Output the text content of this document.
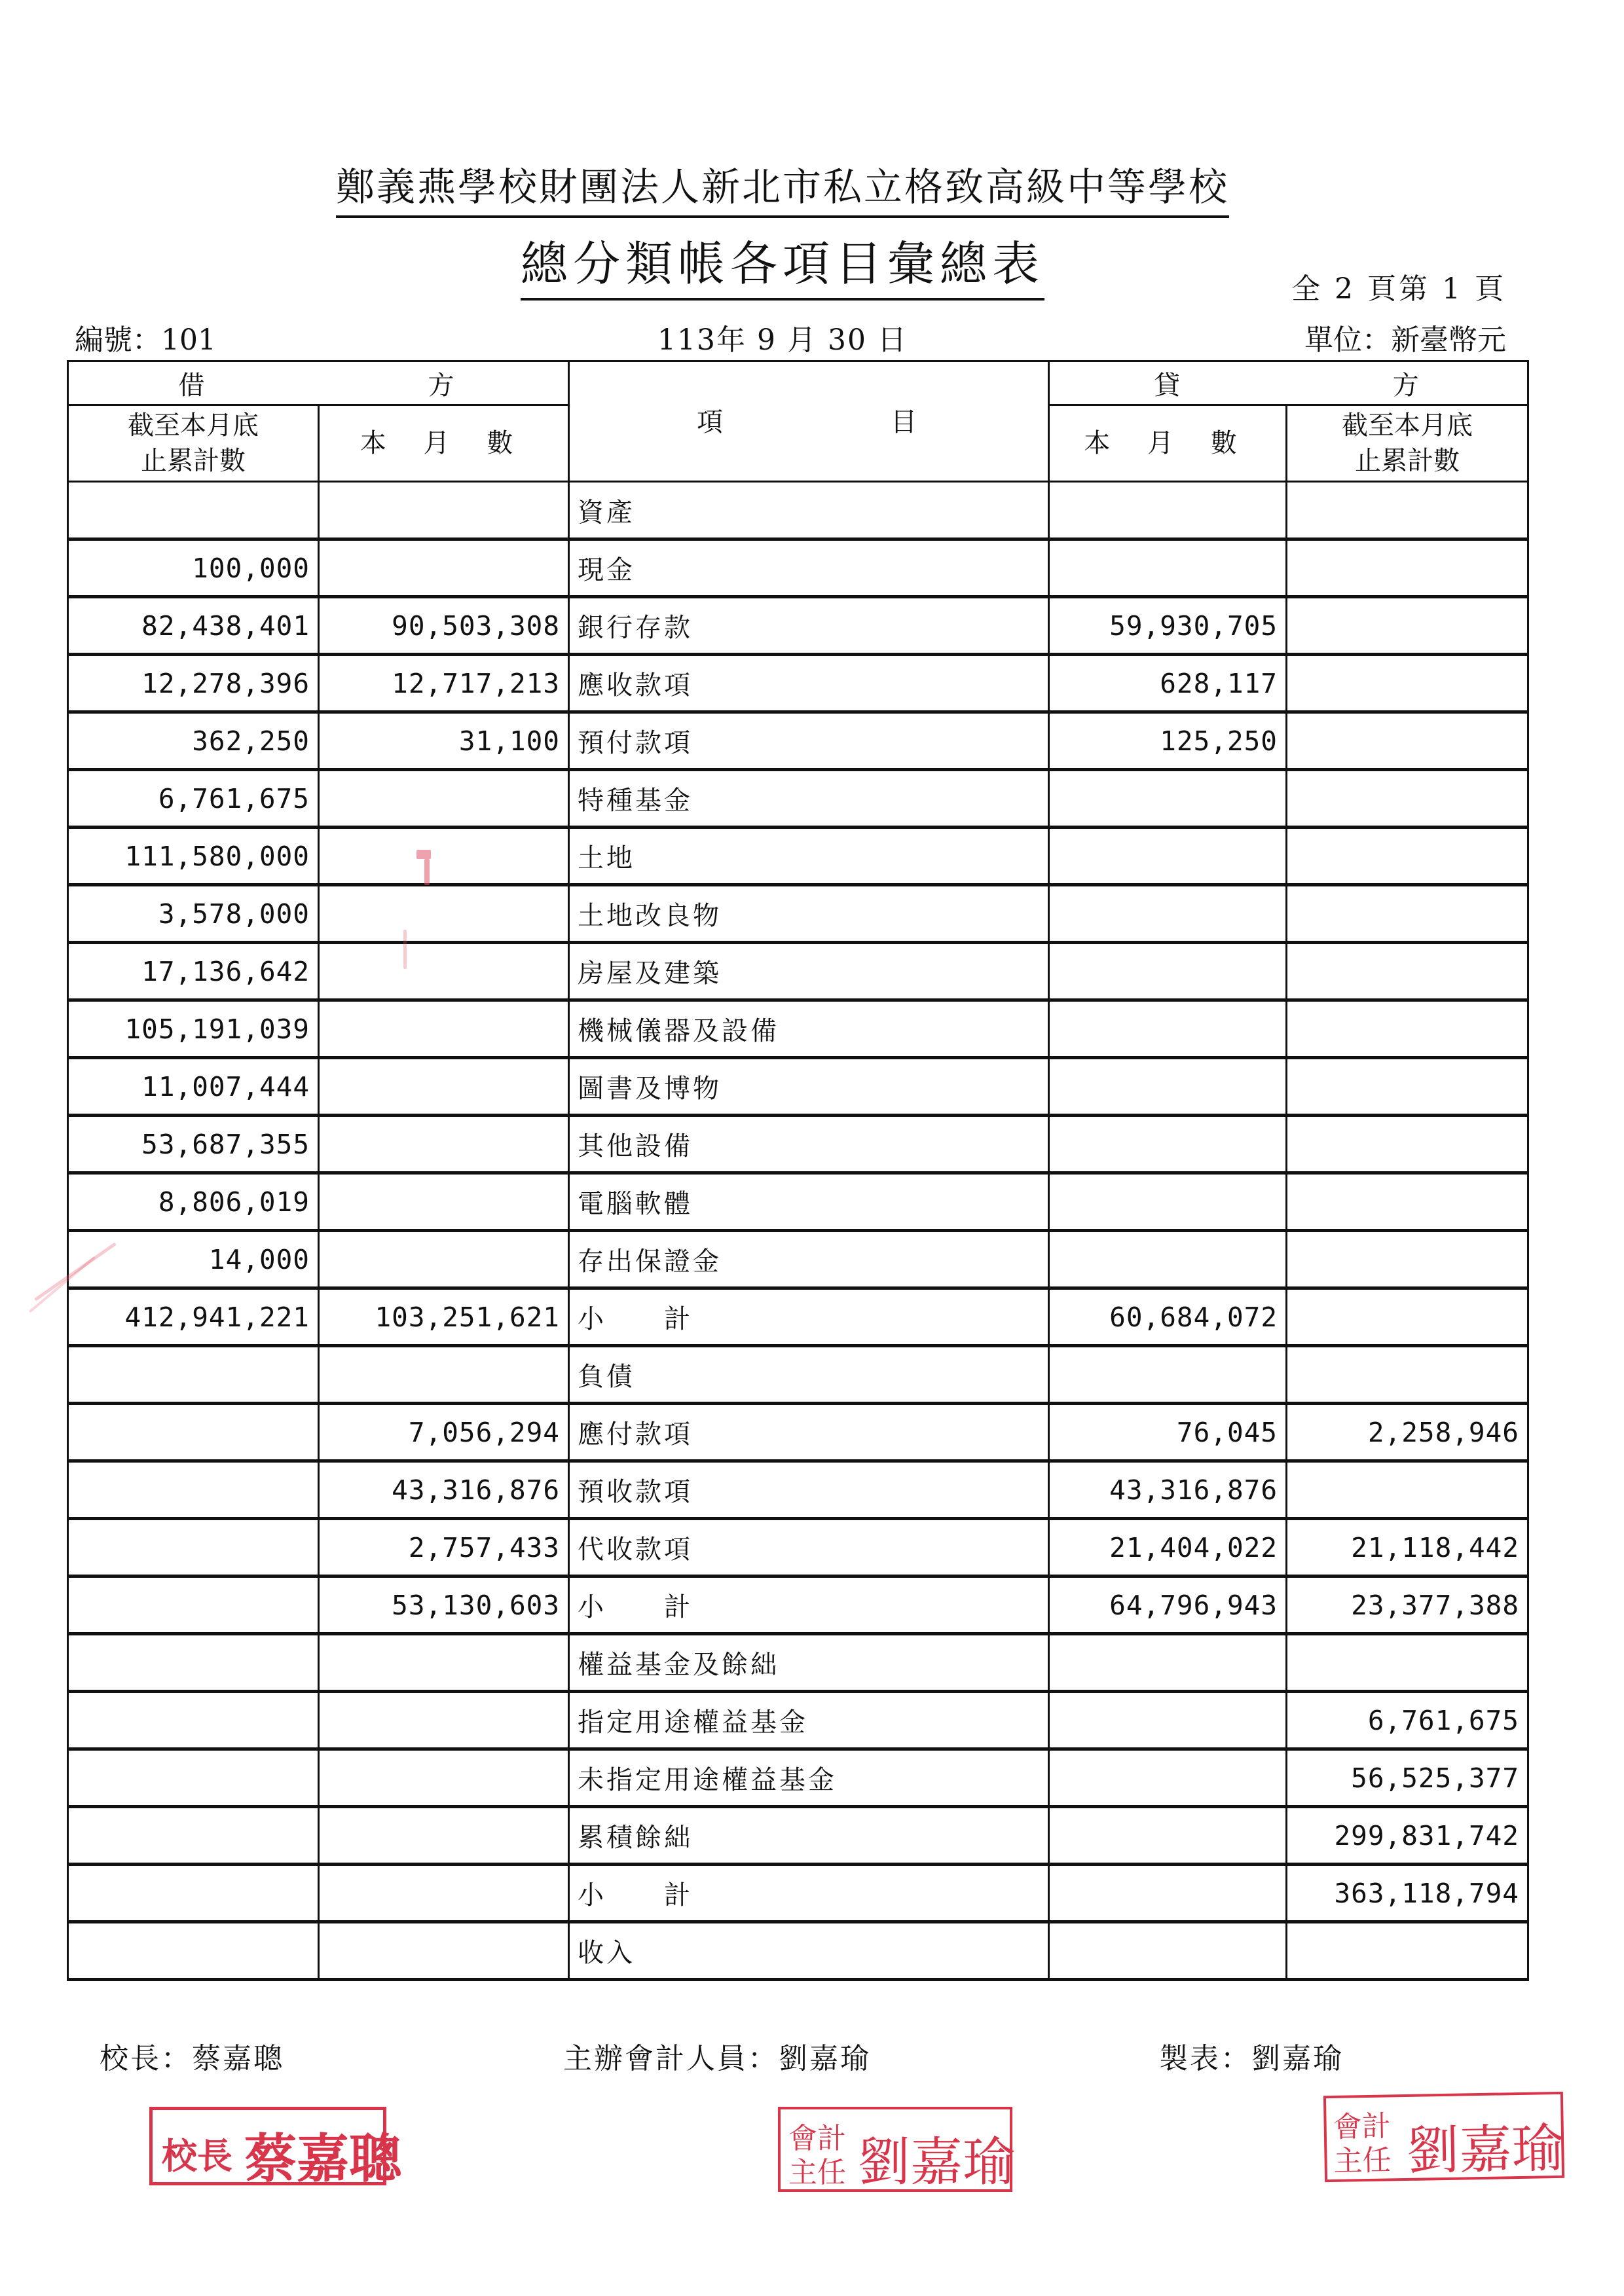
鄭義燕學校財團法人新北市私立格致高級中等學校
總分類帳各項目彙總表	全 2 頁第 1 頁
編號：101	113年 9 月 30 日	單位：新臺幣元
借 方		項 目	貸 方	

截至本月底
止累計數	本 月 數		本 月 數	截至本月底
止累計數

		資產		
100,000		現金		
82,438,401	90,503,308	銀行存款	59,930,705	
12,278,396	12,717,213	應收款項	628,117	
362,250	31,100	預付款項	125,250	
6,761,675		特種基金		
111,580,000		土地		
3,578,000		土地改良物		
17,136,642		房屋及建築		
105,191,039		機械儀器及設備		
11,007,444		圖書及博物		
53,687,355		其他設備		
8,806,019		電腦軟體		
14,000		存出保證金		
412,941,221	103,251,621	小　　計	60,684,072	
		負債		
	7,056,294	應付款項	76,045	2,258,946
	43,316,876	預收款項	43,316,876	
	2,757,433	代收款項	21,404,022	21,118,442
	53,130,603	小　　計	64,796,943	23,377,388
		權益基金及餘絀		
		指定用途權益基金		6,761,675
		未指定用途權益基金		56,525,377
		累積餘絀		299,831,742
		小　　計		363,118,794
		收入		
校長：蔡嘉聰	主辦會計人員：劉嘉瑜	製表：劉嘉瑜
校長 蔡嘉聰	會計
主任 劉嘉瑜
會計
主任 劉嘉瑜
